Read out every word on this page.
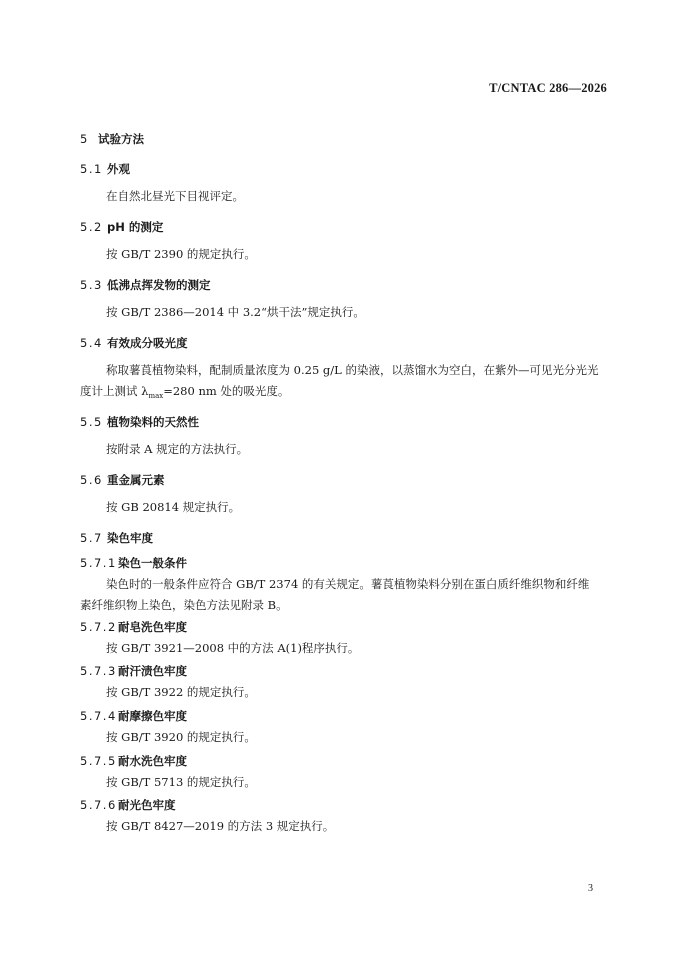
T/CNTAC 286—2026
5 试验方法
5.1 外观
在自然北昼光下目视评定。
5.2 pH 的测定
按 GB/T 2390 的规定执行。
5.3 低沸点挥发物的测定
按 GB/T 2386—2014 中 3.2“烘干法”规定执行。
5.4 有效成分吸光度
称取薯莨植物染料，配制质量浓度为 0.25 g/L 的染液，以蒸馏水为空白，在紫外—可见光分光光
度计上测试 $\lambda_{max}=280$ nm 处的吸光度。
5.5 植物染料的天然性
按附录 A 规定的方法执行。
5.6 重金属元素
按 GB 20814 规定执行。
5.7 染色牢度
5.7.1染色一般条件
染色时的一般条件应符合 GB/T 2374 的有关规定。薯莨植物染料分别在蛋白质纤维织物和纤维
素纤维织物上染色，染色方法见附录 B。
5.7.2耐皂洗色牢度
按 GB/T 3921—2008 中的方法 A(1)程序执行。
5.7.3耐汗渍色牢度
按 GB/T 3922 的规定执行。
5.7.4耐摩擦色牢度
按 GB/T 3920 的规定执行。
5.7.5耐水洗色牢度
按 GB/T 5713 的规定执行。
5.7.6耐光色牢度
按 GB/T 8427—2019 的方法 3 规定执行。
3
